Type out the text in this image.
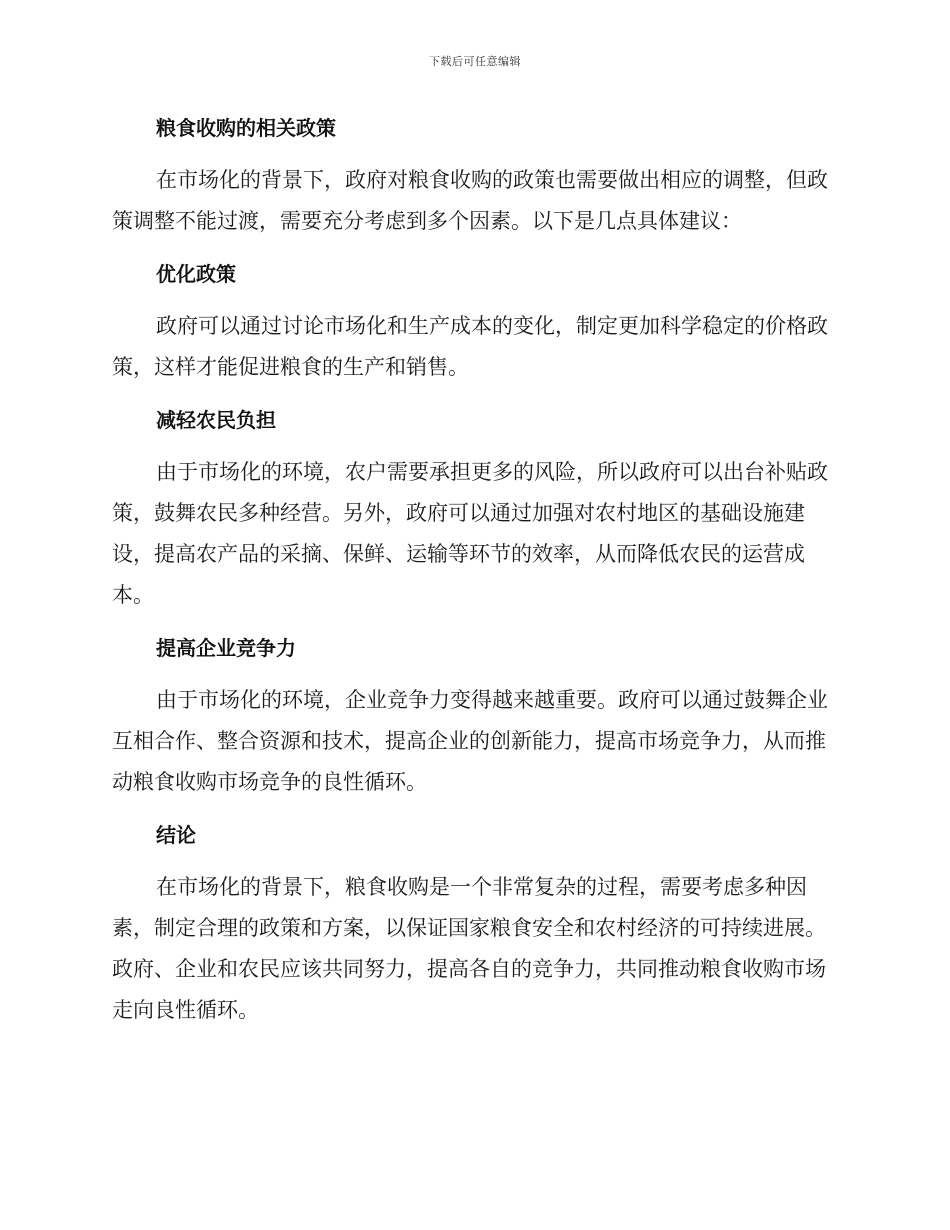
下载后可任意编辑
粮食收购的相关政策

在市场化的背景下，政府对粮食收购的政策也需要做出相应的调整，但政策调整不能过渡，需要充分考虑到多个因素。以下是几点具体建议：

优化政策

政府可以通过讨论市场化和生产成本的变化，制定更加科学稳定的价格政策，这样才能促进粮食的生产和销售。

减轻农民负担

由于市场化的环境，农户需要承担更多的风险，所以政府可以出台补贴政策，鼓舞农民多种经营。另外，政府可以通过加强对农村地区的基础设施建设，提高农产品的采摘、保鲜、运输等环节的效率，从而降低农民的运营成本。

提高企业竞争力

由于市场化的环境，企业竞争力变得越来越重要。政府可以通过鼓舞企业互相合作、整合资源和技术，提高企业的创新能力，提高市场竞争力，从而推动粮食收购市场竞争的良性循环。

结论

在市场化的背景下，粮食收购是一个非常复杂的过程，需要考虑多种因素，制定合理的政策和方案，以保证国家粮食安全和农村经济的可持续进展。政府、企业和农民应该共同努力，提高各自的竞争力，共同推动粮食收购市场走向良性循环。
